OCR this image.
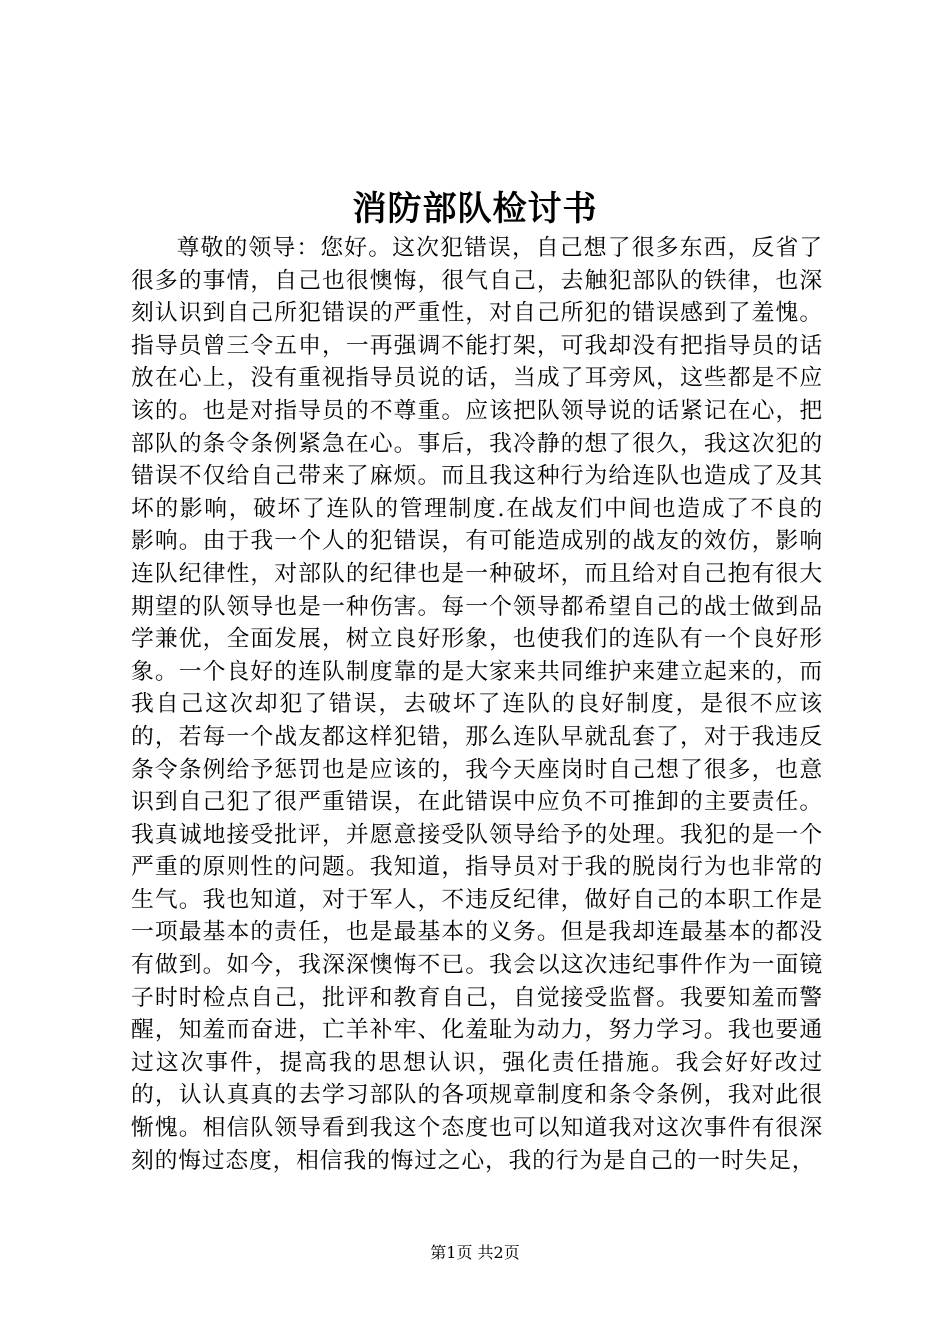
消防部队检讨书

尊敬的领导：您好。这次犯错误，自己想了很多东西，反省了很多的事情，自己也很懊悔，很气自己，去触犯部队的铁律，也深刻认识到自己所犯错误的严重性，对自己所犯的错误感到了羞愧。指导员曾三令五申，一再强调不能打架，可我却没有把指导员的话放在心上，没有重视指导员说的话，当成了耳旁风，这些都是不应该的。也是对指导员的不尊重。应该把队领导说的话紧记在心，把部队的条令条例紧急在心。事后，我冷静的想了很久，我这次犯的错误不仅给自己带来了麻烦。而且我这种行为给连队也造成了及其坏的影响，破坏了连队的管理制度.在战友们中间也造成了不良的影响。由于我一个人的犯错误，有可能造成别的战友的效仿，影响连队纪律性，对部队的纪律也是一种破坏，而且给对自己抱有很大期望的队领导也是一种伤害。每一个领导都希望自己的战士做到品学兼优，全面发展，树立良好形象，也使我们的连队有一个良好形象。一个良好的连队制度靠的是大家来共同维护来建立起来的，而我自己这次却犯了错误，去破坏了连队的良好制度，是很不应该的，若每一个战友都这样犯错，那么连队早就乱套了，对于我违反条令条例给予惩罚也是应该的，我今天座岗时自己想了很多，也意识到自己犯了很严重错误，在此错误中应负不可推卸的主要责任。我真诚地接受批评，并愿意接受队领导给予的处理。我犯的是一个严重的原则性的问题。我知道，指导员对于我的脱岗行为也非常的生气。我也知道，对于军人，不违反纪律，做好自己的本职工作是一项最基本的责任，也是最基本的义务。但是我却连最基本的都没有做到。如今，我深深懊悔不已。我会以这次违纪事件作为一面镜子时时检点自己，批评和教育自己，自觉接受监督。我要知羞而警醒，知羞而奋进，亡羊补牢、化羞耻为动力，努力学习。我也要通过这次事件，提高我的思想认识，强化责任措施。我会好好改过的，认认真真的去学习部队的各项规章制度和条令条例，我对此很惭愧。相信队领导看到我这个态度也可以知道我对这次事件有很深刻的悔过态度，相信我的悔过之心，我的行为是自己的一时失足，

第1页 共2页
